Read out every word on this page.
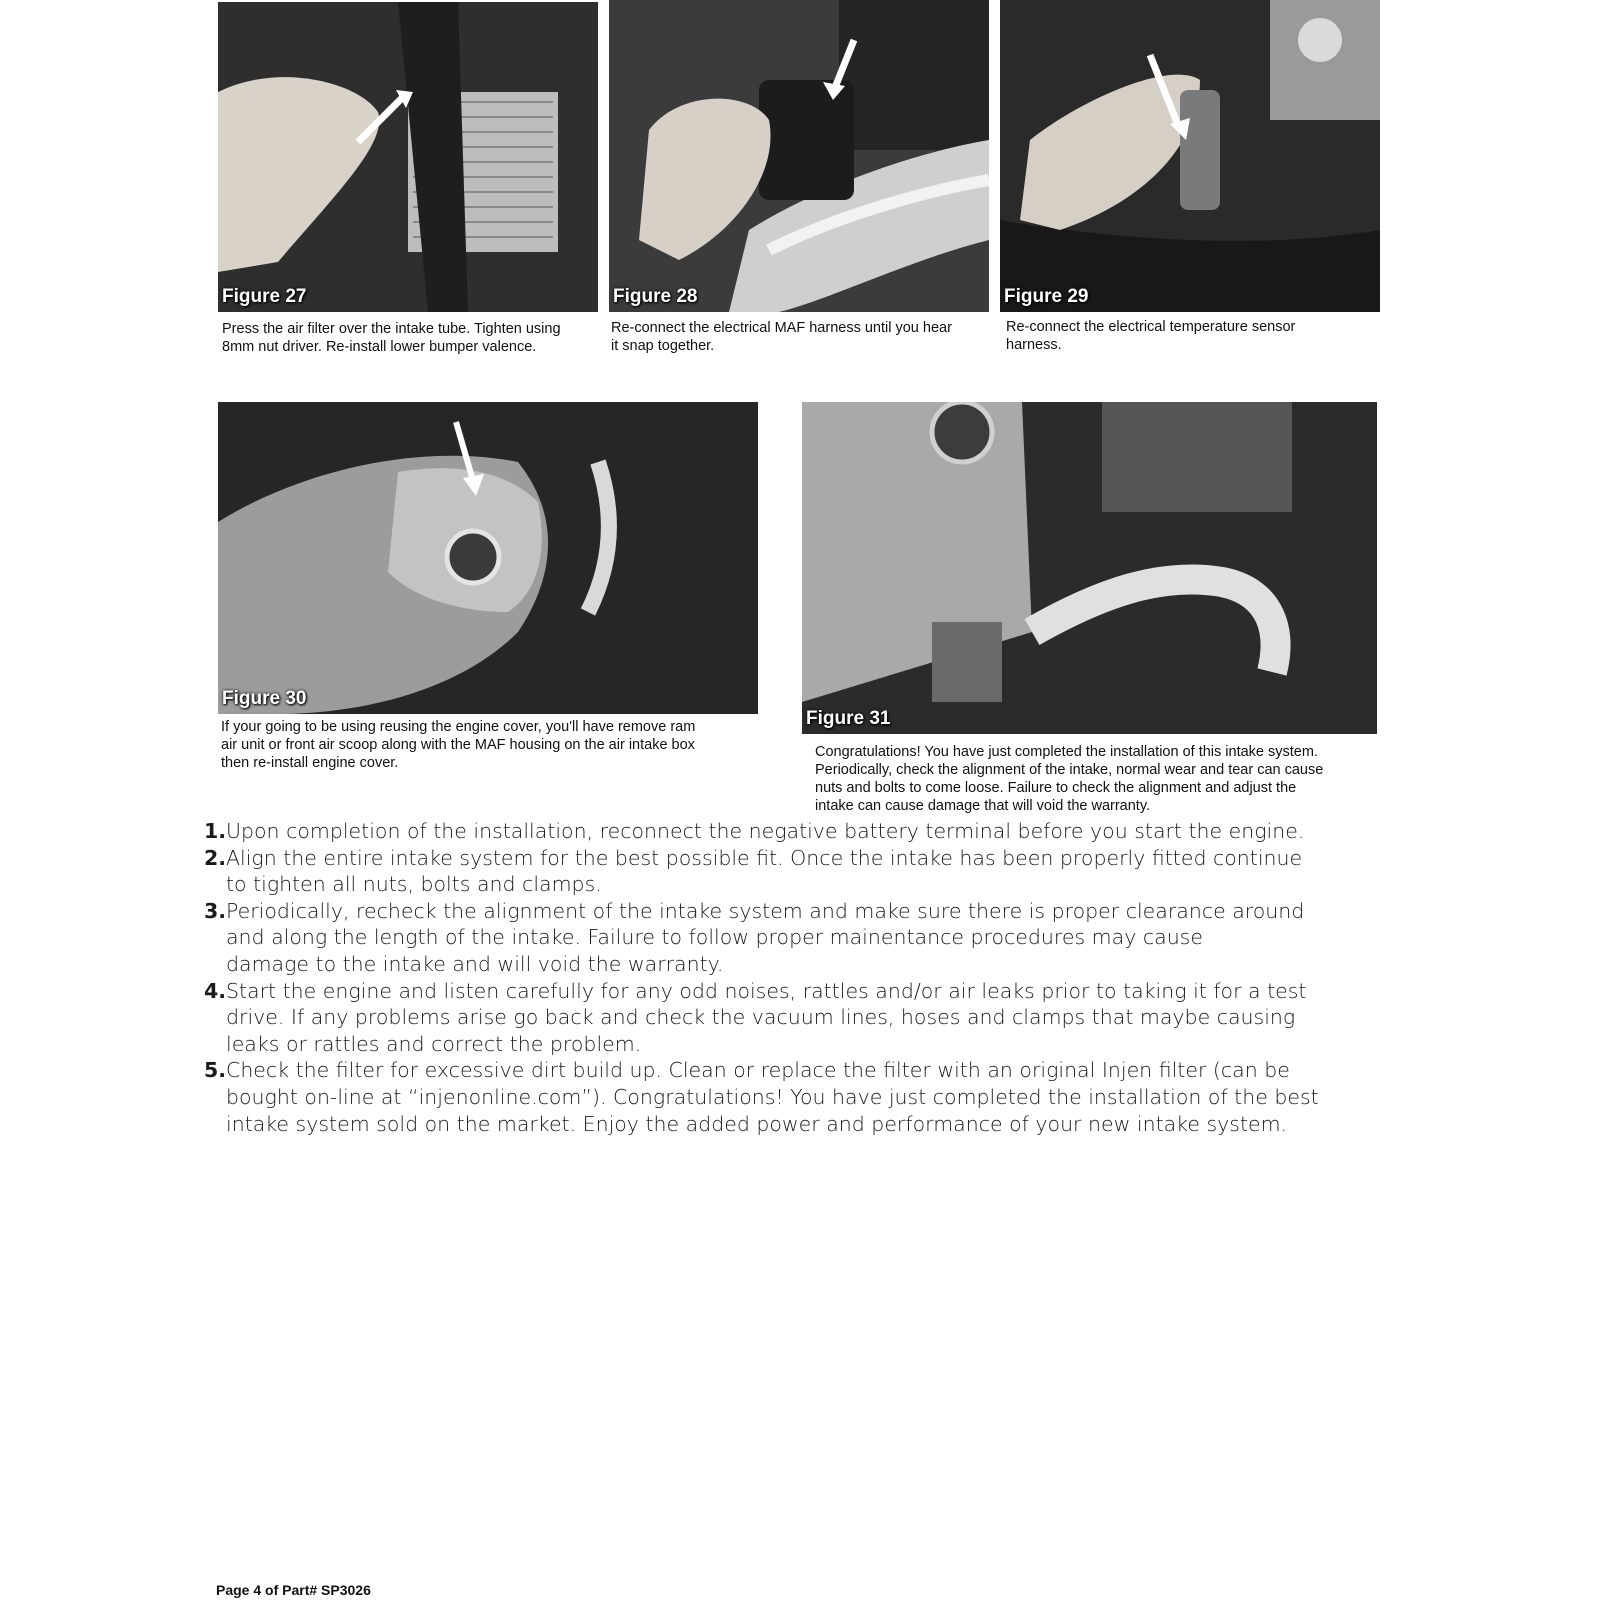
Figure 27
Press the air filter over the intake tube. Tighten using
8mm nut driver. Re-install lower bumper valence.
Figure 28
Re-connect the electrical MAF harness until you hear
it snap together.
Figure 29
Re-connect the electrical temperature sensor
harness.
Figure 30
If your going to be using reusing the engine cover, you'll have remove ram
air unit or front air scoop along with the MAF housing on the air intake box
then re-install engine cover.
Figure 31
Congratulations! You have just completed the installation of this intake system.
Periodically, check the alignment of the intake, normal wear and tear can cause
nuts and bolts to come loose. Failure to check the alignment and adjust the
intake can cause damage that will void the warranty.
1.Upon completion of the installation, reconnect the negative battery terminal before you start the engine.
2.Align the entire intake system for the best possible fit. Once the intake has been properly fitted continue
to tighten all nuts, bolts and clamps.
3.Periodically, recheck the alignment of the intake system and make sure there is proper clearance around
and along the length of the intake. Failure to follow proper mainentance procedures may cause
damage to the intake and will void the warranty.
4.Start the engine and listen carefully for any odd noises, rattles and/or air leaks prior to taking it for a test
drive. If any problems arise go back and check the vacuum lines, hoses and clamps that maybe causing
leaks or rattles and correct the problem.
5.Check the filter for excessive dirt build up. Clean or replace the filter with an original Injen filter (can be
bought on-line at “injenonline.com”). Congratulations! You have just completed the installation of the best
intake system sold on the market. Enjoy the added power and performance of your new intake system.
Page 4 of Part# SP3026
